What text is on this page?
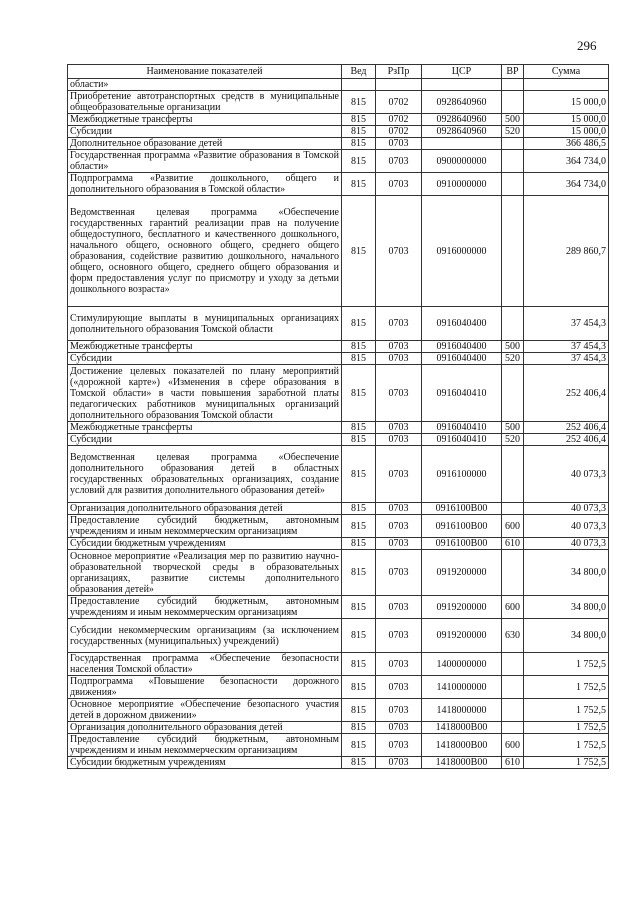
296
Наименование показателей	Вед	РзПр	ЦСР	ВР	Сумма
области»					
Приобретение автотранспортных средств в муниципальные общеобразовательные организации	815	0702	0928640960		15 000,0
Межбюджетные трансферты	815	0702	0928640960	500	15 000,0
Субсидии	815	0702	0928640960	520	15 000,0
Дополнительное образование детей	815	0703			366 486,5
Государственная программа «Развитие образования в Томской области»	815	0703	0900000000		364 734,0
Подпрограмма «Развитие дошкольного, общего и дополнительного образования в Томской области»	815	0703	0910000000		364 734,0
Ведомственная целевая программа «Обеспечение государственных гарантий реализации прав на получение общедоступного, бесплатного и качественного дошкольного, начального общего, основного общего, среднего общего образования, содействие развитию дошкольного, начального общего, основного общего, среднего общего образования и форм предоставления услуг по присмотру и уходу за детьми дошкольного возраста»	815	0703	0916000000		289 860,7
Стимулирующие выплаты в муниципальных организациях дополнительного образования Томской области	815	0703	0916040400		37 454,3
Межбюджетные трансферты	815	0703	0916040400	500	37 454,3
Субсидии	815	0703	0916040400	520	37 454,3
Достижение целевых показателей по плану мероприятий («дорожной карте») «Изменения в сфере образования в Томской области» в части повышения заработной платы педагогических работников муниципальных организаций дополнительного образования Томской области	815	0703	0916040410		252 406,4
Межбюджетные трансферты	815	0703	0916040410	500	252 406,4
Субсидии	815	0703	0916040410	520	252 406,4
Ведомственная целевая программа «Обеспечение дополнительного образования детей в областных государственных образовательных организациях, создание условий для развития дополнительного образования детей»	815	0703	0916100000		40 073,3
Организация дополнительного образования детей	815	0703	0916100В00		40 073,3
Предоставление субсидий бюджетным, автономным учреждениям и иным некоммерческим организациям	815	0703	0916100В00	600	40 073,3
Субсидии бюджетным учреждениям	815	0703	0916100В00	610	40 073,3
Основное мероприятие «Реализация мер по развитию научно-образовательной творческой среды в образовательных организациях, развитие системы дополнительного образования детей»	815	0703	0919200000		34 800,0
Предоставление субсидий бюджетным, автономным учреждениям и иным некоммерческим организациям	815	0703	0919200000	600	34 800,0
Субсидии некоммерческим организациям (за исключением государственных (муниципальных) учреждений)	815	0703	0919200000	630	34 800,0
Государственная программа «Обеспечение безопасности населения Томской области»	815	0703	1400000000		1 752,5
Подпрограмма «Повышение безопасности дорожного движения»	815	0703	1410000000		1 752,5
Основное мероприятие «Обеспечение безопасного участия детей в дорожном движении»	815	0703	1418000000		1 752,5
Организация дополнительного образования детей	815	0703	1418000В00		1 752,5
Предоставление субсидий бюджетным, автономным учреждениям и иным некоммерческим организациям	815	0703	1418000В00	600	1 752,5
Субсидии бюджетным учреждениям	815	0703	1418000В00	610	1 752,5
